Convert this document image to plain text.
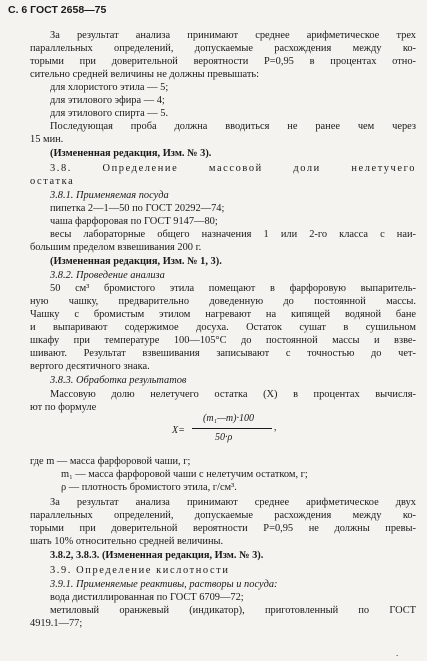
С. 6 ГОСТ 2658—75
За результат анализа принимают среднее арифметическое трех
параллельных определений, допускаемые расхождения между ко-
торыми при доверительной вероятности P=0,95 в процентах отно-
сительно средней величины не должны превышать:
для хлористого этила — 5;
для этилового эфира — 4;
для этилового спирта — 5.
Последующая проба должна вводиться не ранее чем через
15 мин.
(Измененная редакция, Изм. № 3).
3.8. Определение массовой доли нелетучего
остатка
3.8.1. Применяемая посуда
пипетка 2—1—50 по ГОСТ 20292—74;
чаша фарфоровая по ГОСТ 9147—80;
весы лабораторные общего назначения 1 или 2-го класса с наи-
большим пределом взвешивания 200 г.
(Измененная редакция, Изм. № 1, 3).
3.8.2. Проведение анализа
50 см³ бромистого этила помещают в фарфоровую выпаритель-
ную чашку, предварительно доведенную до постоянной массы.
Чашку с бромистым этилом нагревают на кипящей водяной бане
и выпаривают содержимое досуха. Остаток сушат в сушильном
шкафу при температуре 100—105°С до постоянной массы и взве-
шивают. Результат взвешивания записывают с точностью до чет-
вертого десятичного знака.
3.8.3. Обработка результатов
Массовую долю нелетучего остатка (X) в процентах вычисля-
ют по формуле
X=
(m₁—m)·100
50·ρ
,
где m — масса фарфоровой чаши, г;
m₁ — масса фарфоровой чаши с нелетучим остатком, г;
ρ — плотность бромистого этила, г/см³.
За результат анализа принимают среднее арифметическое двух
параллельных определений, допускаемые расхождения между ко-
торыми при доверительной вероятности P=0,95 не должны превы-
шать 10% относительно средней величины.
3.8.2, 3.8.3. (Измененная редакция, Изм. № 3).
3.9. Определение кислотности
3.9.1. Применяемые реактивы, растворы и посуда:
вода дистиллированная по ГОСТ 6709—72;
метиловый оранжевый (индикатор), приготовленный по ГОСТ
4919.1—77;
.
